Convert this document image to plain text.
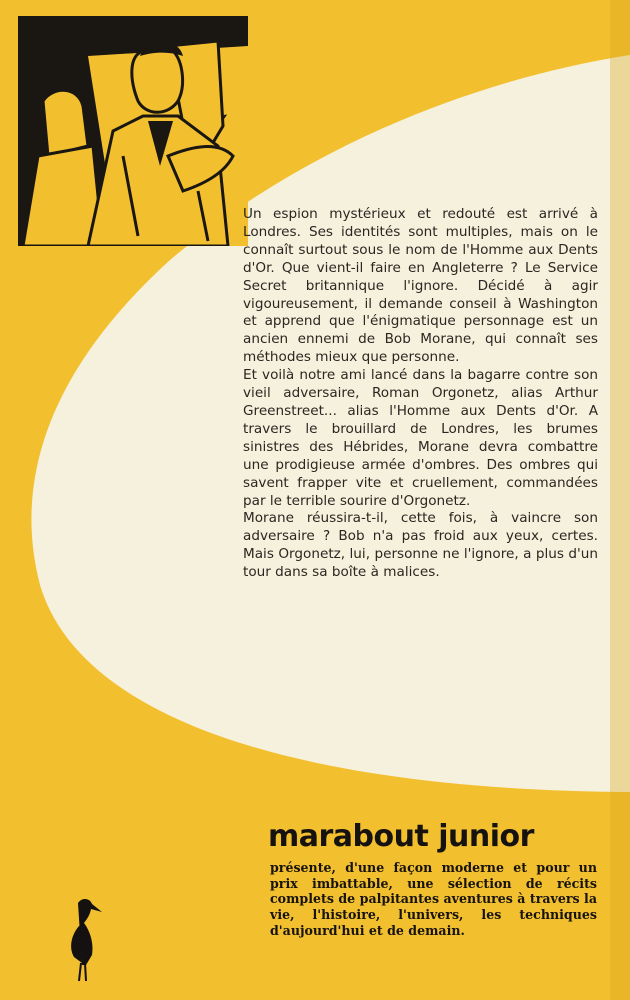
Un espion mystérieux et redouté est arrivé à Londres. Ses identités sont multiples, mais on le connaît surtout sous le nom de l'Homme aux Dents d'Or. Que vient-il faire en Angleterre ? Le Service Secret britannique l'ignore. Décidé à agir vigoureusement, il demande conseil à Washington et apprend que l'énigmatique personnage est un ancien ennemi de Bob Morane, qui connaît ses méthodes mieux que personne.

Et voilà notre ami lancé dans la bagarre contre son vieil adversaire, Roman Orgonetz, alias Arthur Greenstreet... alias l'Homme aux Dents d'Or. A travers le brouillard de Londres, les brumes sinistres des Hébrides, Morane devra combattre une prodigieuse armée d'ombres. Des ombres qui savent frapper vite et cruellement, commandées par le terrible sourire d'Orgonetz.

Morane réussira-t-il, cette fois, à vaincre son adversaire ? Bob n'a pas froid aux yeux, certes. Mais Orgonetz, lui, personne ne l'ignore, a plus d'un tour dans sa boîte à malices.

marabout junior
présente, d'une façon moderne et pour un prix imbattable, une sélection de récits complets de palpitantes aventures à travers la vie, l'histoire, l'univers, les techniques d'aujourd'hui et de demain.
